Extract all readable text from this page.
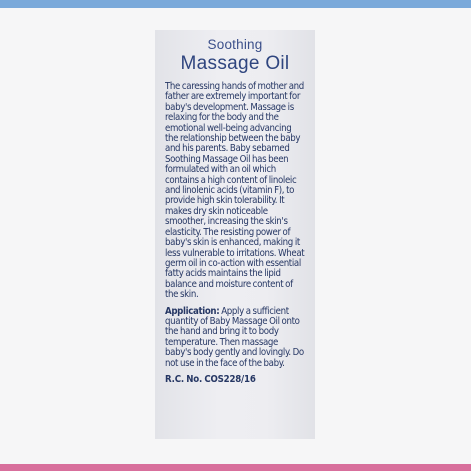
Soothing
Massage Oil

The caressing hands of mother and father are extremely important for baby's development. Massage is relaxing for the body and the emotional well-being advancing the relationship between the baby and his parents. Baby sebamed Soothing Massage Oil has been formulated with an oil which contains a high content of linoleic and linolenic acids (vitamin F), to provide high skin tolerability. It makes dry skin noticeable smoother, increasing the skin's elasticity. The resisting power of baby's skin is enhanced, making it less vulnerable to irritations. Wheat germ oil in co-action with essential fatty acids maintains the lipid balance and moisture content of the skin.

Application: Apply a sufficient quantity of Baby Massage Oil onto the hand and bring it to body temperature. Then massage baby's body gently and lovingly. Do not use in the face of the baby.

R.C. No. COS228/16
